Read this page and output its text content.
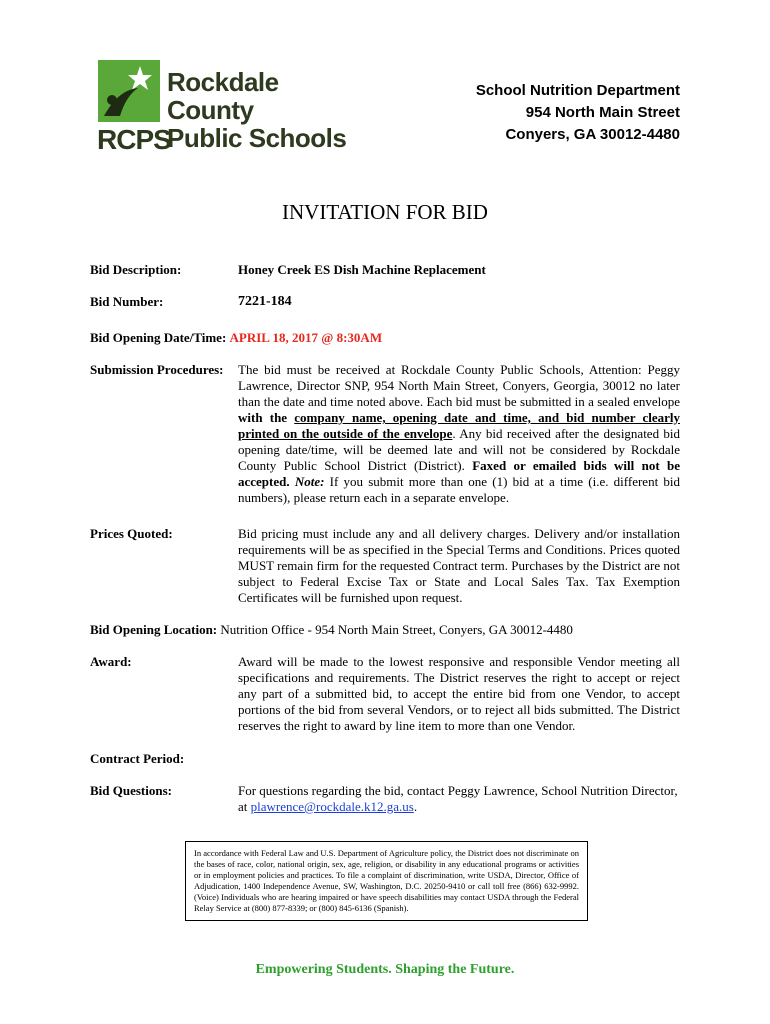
RCPS
Rockdale County
Public Schools
School Nutrition Department
954 North Main Street
Conyers, GA 30012-4480
INVITATION FOR BID
Bid Description:	Honey Creek ES Dish Machine Replacement
Bid Number:	7221-184
Bid Opening Date/Time: APRIL 18, 2017 @ 8:30AM
Submission Procedures: The bid must be received at Rockdale County Public Schools, Attention: Peggy Lawrence, Director SNP, 954 North Main Street, Conyers, Georgia, 30012 no later than the date and time noted above. Each bid must be submitted in a sealed envelope with the company name, opening date and time, and bid number clearly printed on the outside of the envelope. Any bid received after the designated bid opening date/time, will be deemed late and will not be considered by Rockdale County Public School District (District). Faxed or emailed bids will not be accepted. Note: If you submit more than one (1) bid at a time (i.e. different bid numbers), please return each in a separate envelope.
Prices Quoted:	Bid pricing must include any and all delivery charges. Delivery and/or installation requirements will be as specified in the Special Terms and Conditions. Prices quoted MUST remain firm for the requested Contract term. Purchases by the District are not subject to Federal Excise Tax or State and Local Sales Tax. Tax Exemption Certificates will be furnished upon request.
Bid Opening Location: Nutrition Office - 954 North Main Street, Conyers, GA 30012-4480
Award:	Award will be made to the lowest responsive and responsible Vendor meeting all specifications and requirements. The District reserves the right to accept or reject any part of a submitted bid, to accept the entire bid from one Vendor, to accept portions of the bid from several Vendors, or to reject all bids submitted. The District reserves the right to award by line item to more than one Vendor.
Contract Period:
Bid Questions:	For questions regarding the bid, contact Peggy Lawrence, School Nutrition Director, at plawrence@rockdale.k12.ga.us.
In accordance with Federal Law and U.S. Department of Agriculture policy, the District does not discriminate on the bases of race, color, national origin, sex, age, religion, or disability in any educational programs or activities or in employment policies and practices. To file a complaint of discrimination, write USDA, Director, Office of Adjudication, 1400 Independence Avenue, SW, Washington, D.C. 20250-9410 or call toll free (866) 632-9992. (Voice) Individuals who are hearing impaired or have speech disabilities may contact USDA through the Federal Relay Service at (800) 877-8339; or (800) 845-6136 (Spanish).
Empowering Students. Shaping the Future.
